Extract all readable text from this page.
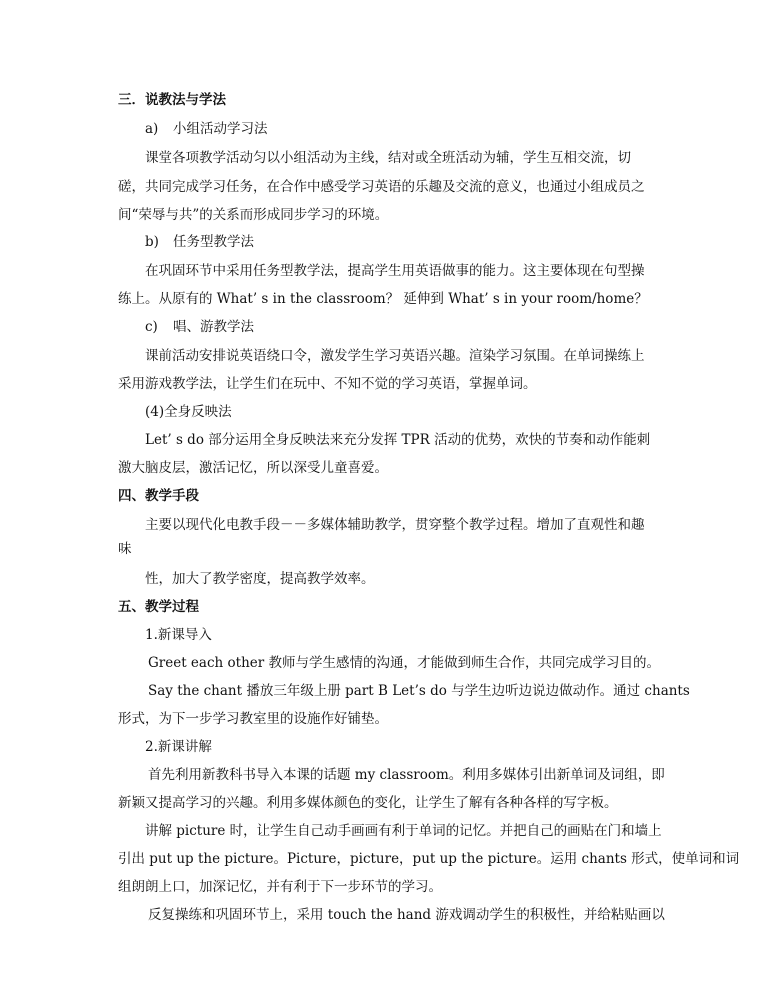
三．说教法与学法
a) 小组活动学习法
课堂各项教学活动匀以小组活动为主线，结对或全班活动为辅，学生互相交流，切
磋，共同完成学习任务，在合作中感受学习英语的乐趣及交流的意义，也通过小组成员之
间“荣辱与共”的关系而形成同步学习的环境。
b) 任务型教学法
在巩固环节中采用任务型教学法，提高学生用英语做事的能力。这主要体现在句型操
练上。从原有的 What’ s in the classroom？ 延伸到 What’ s in your room/home？
c) 唱、游教学法
课前活动安排说英语绕口令，激发学生学习英语兴趣。渲染学习氛围。在单词操练上
采用游戏教学法，让学生们在玩中、不知不觉的学习英语，掌握单词。
(4)全身反映法
Let’ s do 部分运用全身反映法来充分发挥 TPR 活动的优势，欢快的节奏和动作能刺
激大脑皮层，激活记忆，所以深受儿童喜爱。
四、教学手段
主要以现代化电教手段－－多媒体辅助教学，贯穿整个教学过程。增加了直观性和趣
味
性，加大了教学密度，提高教学效率。
五、教学过程
1.新课导入
Greet each other 教师与学生感情的沟通，才能做到师生合作，共同完成学习目的。
Say the chant 播放三年级上册 part B Let’s do 与学生边听边说边做动作。通过 chants
形式，为下一步学习教室里的设施作好铺垫。
2.新课讲解
首先利用新教科书导入本课的话题 my classroom。利用多媒体引出新单词及词组，即
新颖又提高学习的兴趣。利用多媒体颜色的变化，让学生了解有各种各样的写字板。
讲解 picture 时，让学生自己动手画画有利于单词的记忆。并把自己的画贴在门和墙上
引出 put up the picture。Picture，picture，put up the picture。运用 chants 形式，使单词和词
组朗朗上口，加深记忆，并有利于下一步环节的学习。
反复操练和巩固环节上，采用 touch the hand 游戏调动学生的积极性，并给粘贴画以
